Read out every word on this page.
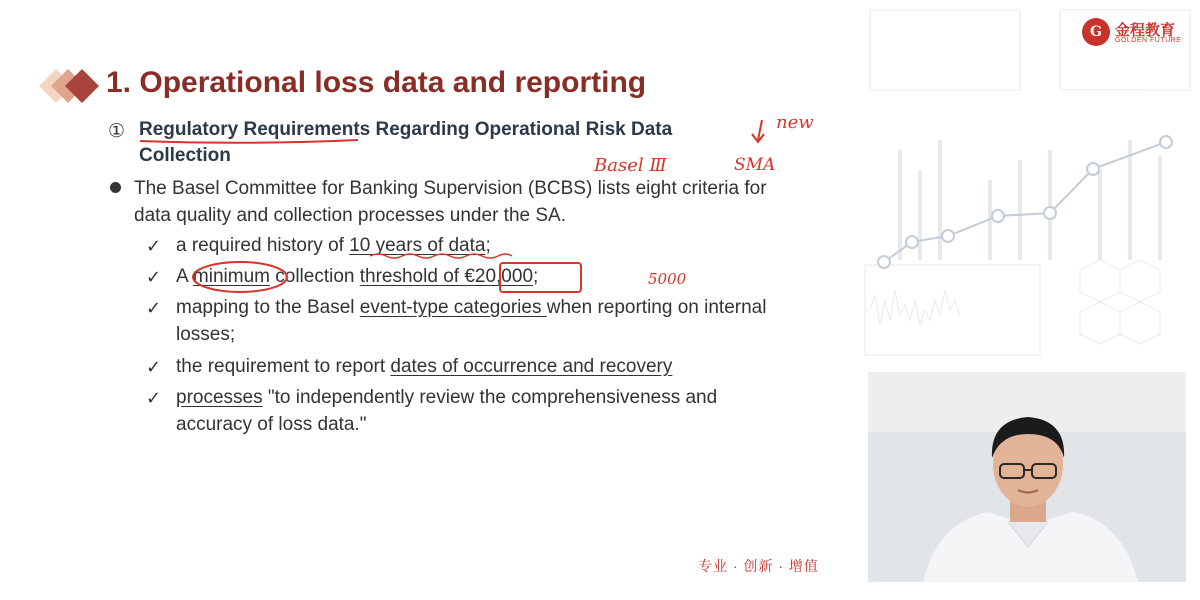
1. Operational loss data and reporting
① Regulatory Requirements Regarding Operational Risk Data Collection
The Basel Committee for Banking Supervision (BCBS) lists eight criteria for data quality and collection processes under the SA.
✓ a required history of 10 years of data;
✓ A minimum collection threshold of €20,000;
✓ mapping to the Basel event-type categories when reporting on internal losses;
✓ the requirement to report dates of occurrence and recovery
✓ processes "to independently review the comprehensiveness and accuracy of loss data."
专业 · 创新 · 增值
G 金程教育
GOLDEN FUTURE
new
Basel Ⅲ	SMA
5000
